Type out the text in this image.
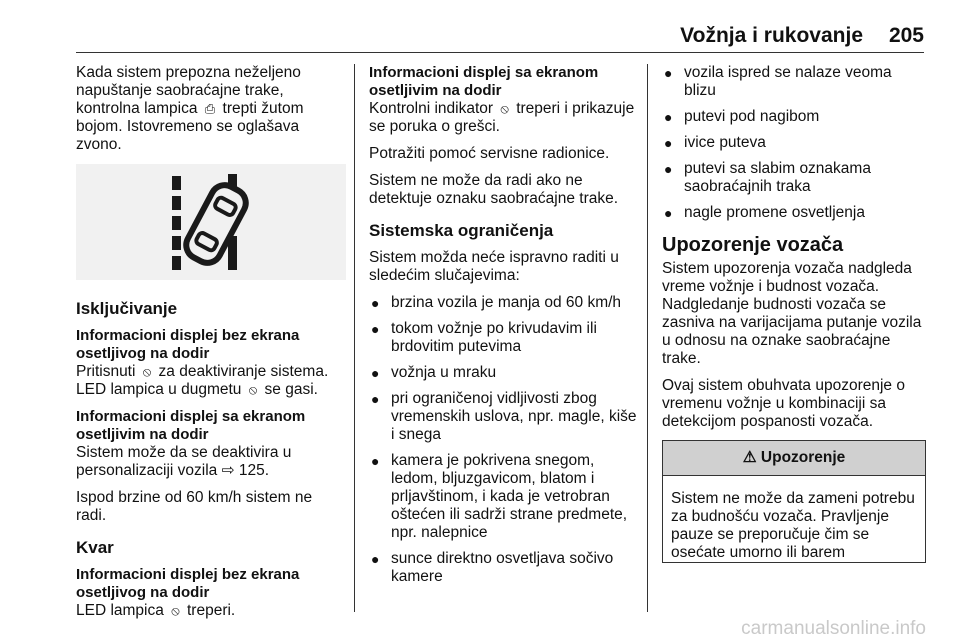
Vožnja i rukovanje 205

Kada sistem prepozna neželjeno napuštanje saobraćajne trake, kontrolna lampica ⎙ trepti žutom bojom. Istovremeno se oglašava zvono.

Isključivanje

Informacioni displej bez ekrana osetljivog na dodir

Pritisnuti ⦸ za deaktiviranje sistema. LED lampica u dugmetu ⦸ se gasi.

Informacioni displej sa ekranom osetljivim na dodir

Sistem može da se deaktivira u personalizaciji vozila ⇨ 125.

Ispod brzine od 60 km/h sistem ne radi.

Kvar

Informacioni displej bez ekrana osetljivog na dodir

LED lampica ⦸ treperi.

Informacioni displej sa ekranom osetljivim na dodir

Kontrolni indikator ⦸ treperi i prikazuje se poruka o grešci.

Potražiti pomoć servisne radionice.

Sistem ne može da radi ako ne detektuje oznaku saobraćajne trake.

Sistemska ograničenja

Sistem možda neće ispravno raditi u sledećim slučajevima:

● brzina vozila je manja od 60 km/h
● tokom vožnje po krivudavim ili brdovitim putevima
● vožnja u mraku
● pri ograničenoj vidljivosti zbog vremenskih uslova, npr. magle, kiše i snega
● kamera je pokrivena snegom, ledom, bljuzgavicom, blatom i prljavštinom, i kada je vetrobran oštećen ili sadrži strane predmete, npr. nalepnice
● sunce direktno osvetljava sočivo kamere
● vozila ispred se nalaze veoma blizu
● putevi pod nagibom
● ivice puteva
● putevi sa slabim oznakama saobraćajnih traka
● nagle promene osvetljenja
Upozorenje vozača

Sistem upozorenja vozača nadgleda vreme vožnje i budnost vozača. Nadgledanje budnosti vozača se zasniva na varijacijama putanje vozila u odnosu na oznake saobraćajne trake.

Ovaj sistem obuhvata upozorenje o vremenu vožnje u kombinaciji sa detekcijom pospanosti vozača.

⚠ Upozorenje
Sistem ne može da zameni potrebu za budnošću vozača. Pravljenje pauze se preporučuje čim se osećate umorno ili barem
carmanualsonline.info
